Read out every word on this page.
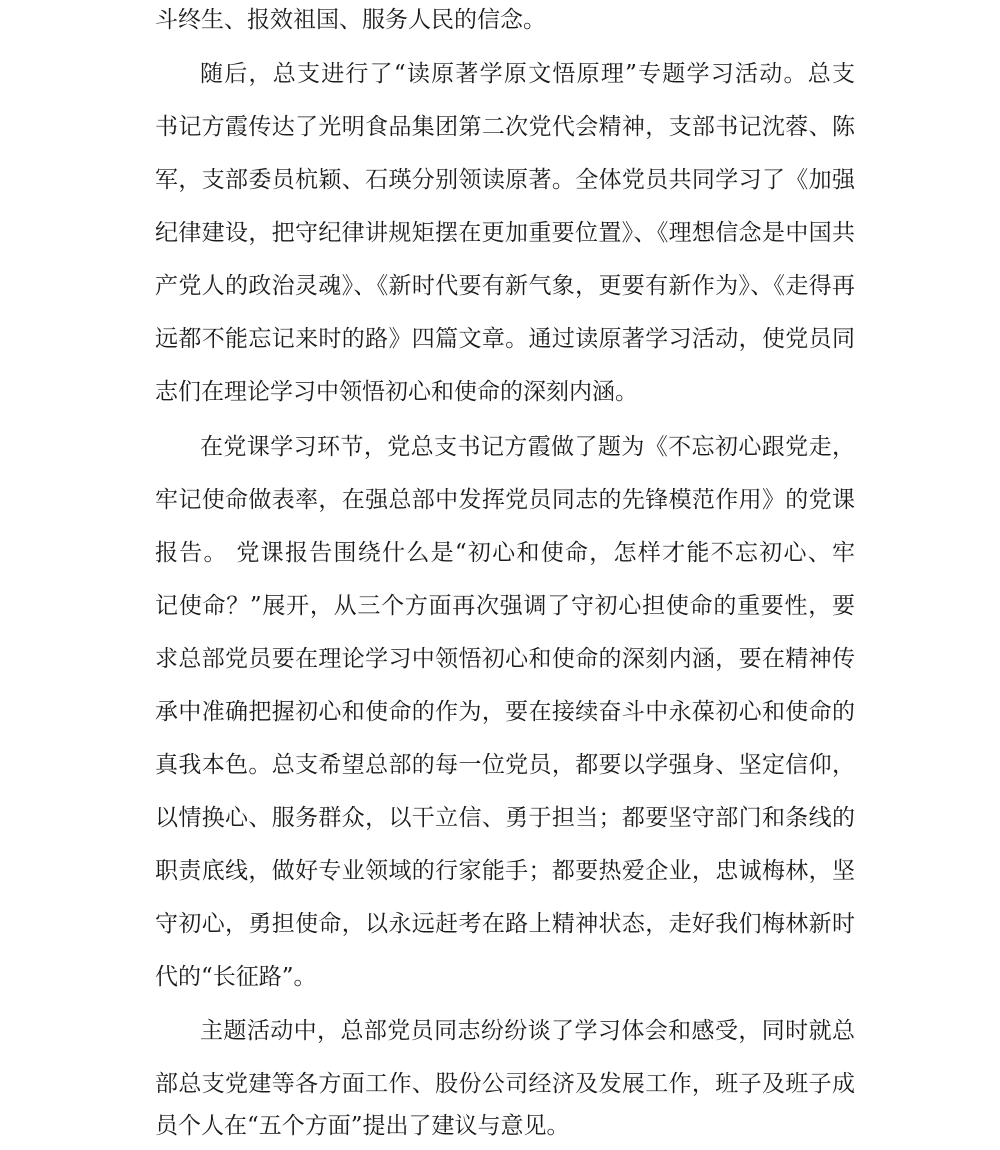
斗终生、报效祖国、服务人民的信念。
随后，总支进行了“读原著学原文悟原理”专题学习活动。总支
书记方霞传达了光明食品集团第二次党代会精神，支部书记沈蓉、陈
军，支部委员杭颖、石瑛分别领读原著。全体党员共同学习了《加强
纪律建设，把守纪律讲规矩摆在更加重要位置》、《理想信念是中国共
产党人的政治灵魂》、《新时代要有新气象，更要有新作为》、《走得再
远都不能忘记来时的路》四篇文章。通过读原著学习活动，使党员同
志们在理论学习中领悟初心和使命的深刻内涵。
在党课学习环节，党总支书记方霞做了题为《不忘初心跟党走，
牢记使命做表率，在强总部中发挥党员同志的先锋模范作用》的党课
报告。 党课报告围绕什么是“初心和使命，怎样才能不忘初心、牢
记使命？”展开，从三个方面再次强调了守初心担使命的重要性，要
求总部党员要在理论学习中领悟初心和使命的深刻内涵，要在精神传
承中准确把握初心和使命的作为，要在接续奋斗中永葆初心和使命的
真我本色。总支希望总部的每一位党员，都要以学强身、坚定信仰，
以情换心、服务群众，以干立信、勇于担当；都要坚守部门和条线的
职责底线，做好专业领域的行家能手；都要热爱企业，忠诚梅林，坚
守初心，勇担使命，以永远赶考在路上精神状态，走好我们梅林新时
代的“长征路”。
主题活动中，总部党员同志纷纷谈了学习体会和感受，同时就总
部总支党建等各方面工作、股份公司经济及发展工作，班子及班子成
员个人在“五个方面”提出了建议与意见。
